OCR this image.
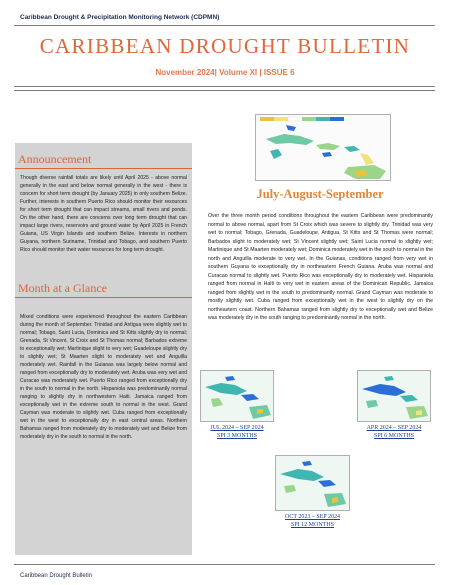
Caribbean Drought & Precipitation Monitoring Network (CDPMN)
CARIBBEAN DROUGHT BULLETIN
November 2024| Volume XI | ISSUE 6
Announcement
Though diverse rainfall totals are likely until April 2025 - above normal generally in the east and below normal generally in the west - there is concern for short term drought (by January 2025) in only southern Belize. Further, interests in southern Puerto Rico should monitor their resources for short term drought that can impact streams, small rivers and ponds. On the other hand, there are concerns over long term drought that can impact large rivers, reservoirs and ground water by April 2025 in French Guiana, US Virgin Islands and southern Belize. Interests in northern Guyana, northern Suriname, Trinidad and Tobago, and southern Puerto Rico should monitor their water resources for long term drought.
Month at a Glance
Mixed conditions were experienced throughout the eastern Caribbean during the month of September. Trinidad and Antigua were slightly wet to normal; Tobago, Saint Lucia, Dominica and St Kitts slightly dry to normal; Grenada, St Vincent, St Croix and St Thomas normal; Barbados extreme to exceptionally wet; Martinique slight to very wet; Guadeloupe slightly dry to slightly wet; St Maarten slight to moderately wet and Anguilla moderately wet. Rainfall in the Guianas was largely below normal and ranged from exceptionally dry to moderately wet. Aruba was very wet and Curacao was moderately wet. Puerto Rico ranged from exceptionally dry in the south to normal in the north. Hispaniola was predominantly normal ranging to slightly dry in northwestern Haiti. Jamaica ranged from exceptionally wet in the extreme south to normal in the west. Grand Cayman was moderate to slightly wet. Cuba ranged from exceptionally wet in the west to exceptionally dry in east central areas. Northern Bahamas ranged from moderately dry to moderately wet and Belize from moderately dry in the south to normal in the north.
July-August-September
Over the three month period conditions throughout the eastern Caribbean were predominantly normal to above normal, apart from St Croix which was severe to slightly dry. Trinidad was very wet to normal; Tobago, Grenada, Guadeloupe, Antigua, St Kitts and St Thomas were normal; Barbados slight to moderately wet; St Vincent slightly wet; Saint Lucia normal to slightly wet; Martinique and St Maarten moderately wet; Dominica moderately wet in the south to normal in the north and Anguilla moderate to very wet. In the Guianas, conditions ranged from very wet in southern Guyana to exceptionally dry in northeastern French Guiana. Aruba was normal and Curacao normal to slightly wet. Puerto Rico was exceptionally dry to moderately wet. Hispaniola ranged from normal in Haiti to very wet in eastern areas of the Dominican Republic. Jamaica ranged from slightly wet in the south to predominantly normal. Grand Cayman was moderate to mostly slightly wet. Cuba ranged from exceptionally wet in the west to slightly dry on the northeastern coast. Northern Bahamas ranged from slightly dry to exceptionally wet and Belize was moderately dry in the south ranging to predominantly normal in the north.
JUL 2024 – SEP 2024
SPI 3 MONTHS
APR 2024 – SEP 2024
SPI 6 MONTHS
OCT 2023 – SEP 2024
SPI 12 MONTHS
Caribbean Drought Bulletin
